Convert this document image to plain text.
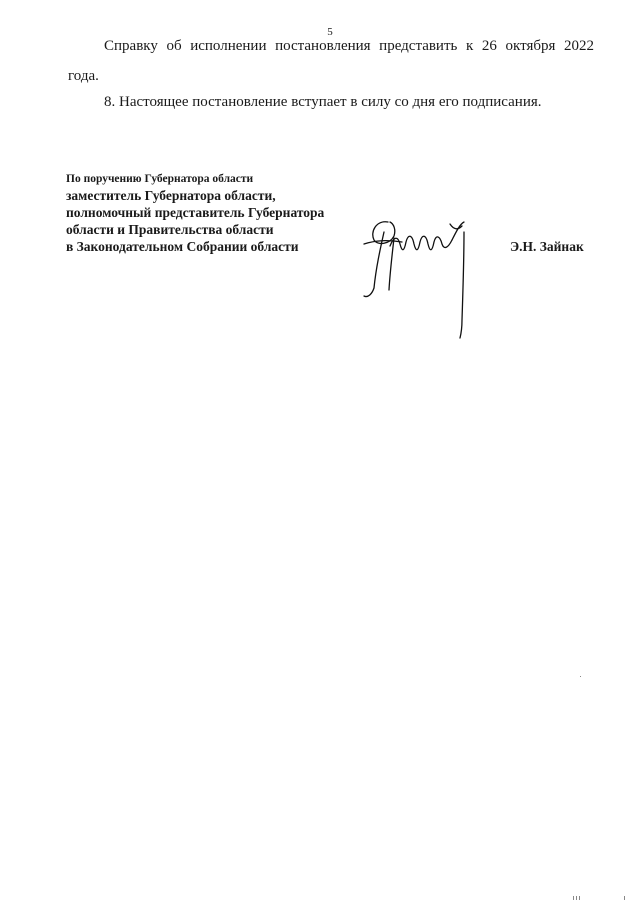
5
Справку об исполнении постановления представить к 26 октября 2022
года.
8. Настоящее постановление вступает в силу со дня его подписания.
По поручению Губернатора области
заместитель Губернатора области,
полномочный представитель Губернатора
области и Правительства области
в Законодательном Собрании области	Э.Н. Зайнак
